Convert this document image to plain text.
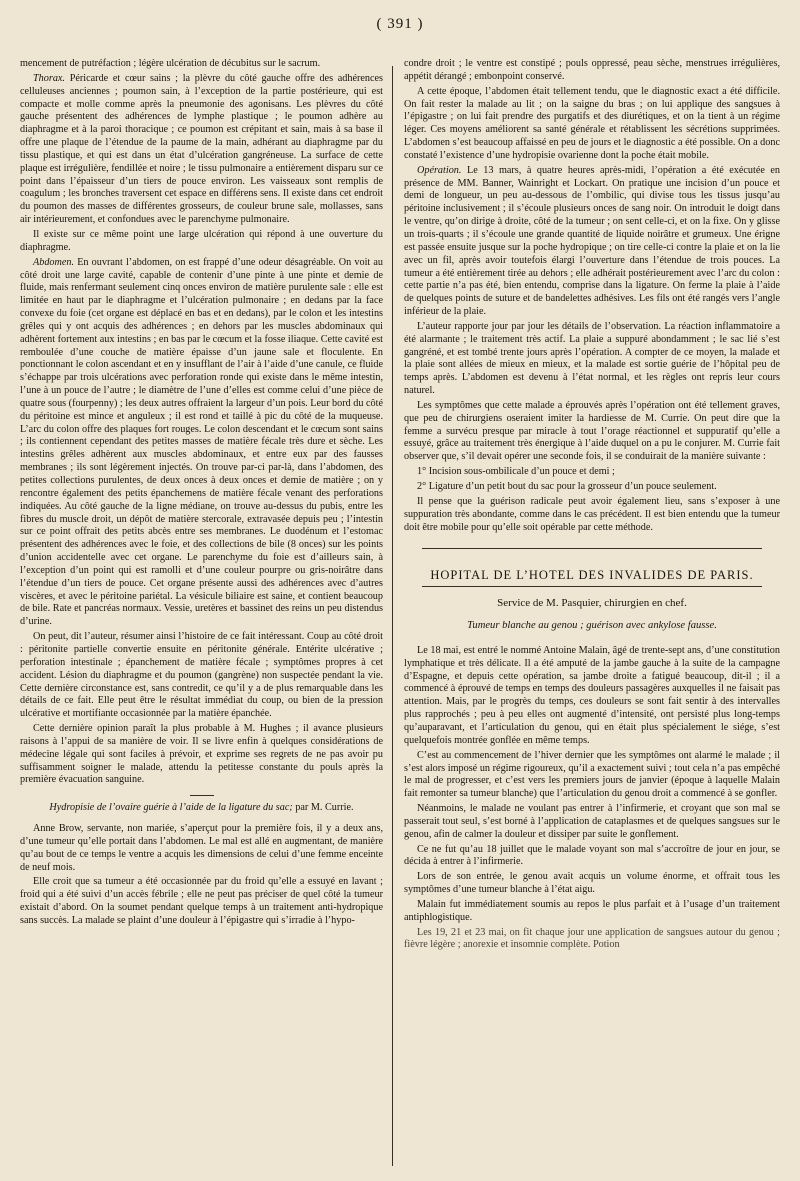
( 391 )

mencement de putréfaction ; légère ulcération de décubitus sur le sacrum.

Thorax. Péricarde et cœur sains ; la plèvre du côté gauche offre des adhérences celluleuses anciennes ; poumon sain, à l’exception de la partie postérieure, qui est compacte et molle comme après la pneumonie des agonisans. Les plèvres du côté gauche présentent des adhérences de lymphe plastique ; le poumon adhère au diaphragme et à la paroi thoracique ; ce poumon est crépitant et sain, mais à sa base il offre une plaque de l’étendue de la paume de la main, adhérant au diaphragme par du tissu plastique, et qui est dans un état d’ulcération gangréneuse. La surface de cette plaque est irrégulière, fendillée et noire ; le tissu pulmonaire a entièrement disparu sur ce point dans l’épaisseur d’un tiers de pouce environ. Les vaisseaux sont remplis de coagulum ; les bronches traversent cet espace en différens sens. Il existe dans cet endroit du poumon des masses de différentes grosseurs, de couleur brune sale, mollasses, sans air intérieurement, et confondues avec le parenchyme pulmonaire.

Il existe sur ce même point une large ulcération qui répond à une ouverture du diaphragme.

Abdomen. En ouvrant l’abdomen, on est frappé d’une odeur désagréable. On voit au côté droit une large cavité, capable de contenir d’une pinte à une pinte et demie de fluide, mais renfermant seulement cinq onces environ de matière purulente sale : elle est limitée en haut par le diaphragme et l’ulcération pulmonaire ; en dedans par la face convexe du foie (cet organe est déplacé en bas et en dedans), par le colon et les intestins grêles qui y ont acquis des adhérences ; en dehors par les muscles abdominaux qui adhèrent fortement aux intestins ; en bas par le cœcum et la fosse iliaque. Cette cavité est remboulée d’une couche de matière épaisse d’un jaune sale et floculente. En ponctionnant le colon ascendant et en y insufflant de l’air à l’aide d’une canule, ce fluide s’échappe par trois ulcérations avec perforation ronde qui existe dans le même intestin, l’une à un pouce de l’autre ; le diamètre de l’une d’elles est comme celui d’une pièce de quatre sous (fourpenny) ; les deux autres offraient la largeur d’un pois. Leur bord du côté du péritoine est mince et anguleux ; il est rond et taillé à pic du côté de la muqueuse. L’arc du colon offre des plaques fort rouges. Le colon descendant et le cœcum sont sains ; ils contiennent cependant des petites masses de matière fécale très dure et sèche. Les intestins grêles adhèrent aux muscles abdominaux, et entre eux par des fausses membranes ; ils sont légèrement injectés. On trouve par-ci par-là, dans l’abdomen, des petites collections purulentes, de deux onces à deux onces et demie de matière ; on y rencontre également des petits épanchemens de matière fécale venant des perforations indiquées. Au côté gauche de la ligne médiane, on trouve au-dessus du pubis, entre les fibres du muscle droit, un dépôt de matière stercorale, extravasée depuis peu ; l’intestin sur ce point offrait des petits abcès entre ses membranes. Le duodénum et l’estomac présentent des adhérences avec le foie, et des collections de bile (8 onces) sur les points d’union accidentelle avec cet organe. Le parenchyme du foie est d’ailleurs sain, à l’exception d’un point qui est ramolli et d’une couleur pourpre ou gris-noirâtre dans l’étendue d’un tiers de pouce. Cet organe présente aussi des adhérences avec d’autres viscères, et avec le péritoine pariétal. La vésicule biliaire est saine, et contient beaucoup de bile. Rate et pancréas normaux. Vessie, uretères et bassinet des reins un peu distendus d’urine.

On peut, dit l’auteur, résumer ainsi l’histoire de ce fait intéressant. Coup au côté droit : péritonite partielle convertie ensuite en péritonite générale. Entérite ulcérative ; perforation intestinale ; épanchement de matière fécale ; symptômes propres à cet accident. Lésion du diaphragme et du poumon (gangrène) non suspectée pendant la vie. Cette dernière circonstance est, sans contredit, ce qu’il y a de plus remarquable dans les détails de ce fait. Elle peut être le résultat immédiat du coup, ou bien de la pression ulcérative et mortifiante occasionnée par la matière épanchée.

Cette dernière opinion paraît la plus probable à M. Hughes ; il avance plusieurs raisons à l’appui de sa manière de voir. Il se livre enfin à quelques considérations de médecine légale qui sont faciles à prévoir, et exprime ses regrets de ne pas avoir pu suffisamment soigner le malade, attendu la petitesse constante du pouls après la première évacuation sanguine.

Hydropisie de l’ovaire guérie à l’aide de la ligature du sac; par M. Currie.

Anne Brow, servante, non mariée, s’aperçut pour la première fois, il y a deux ans, d’une tumeur qu’elle portait dans l’abdomen. Le mal est allé en augmentant, de manière qu’au bout de ce temps le ventre a acquis les dimensions de celui d’une femme enceinte de neuf mois.

Elle croit que sa tumeur a été occasionnée par du froid qu’elle a essuyé en lavant ; froid qui a été suivi d’un accès fébrile ; elle ne peut pas préciser de quel côté la tumeur existait d’abord. On la soumet pendant quelque temps à un traitement anti-hydropique sans succès. La malade se plaint d’une douleur à l’épigastre qui s’irradie à l’hypo-

condre droit ; le ventre est constipé ; pouls oppressé, peau sèche, menstrues irrégulières, appétit dérangé ; embonpoint conservé.

A cette époque, l’abdomen était tellement tendu, que le diagnostic exact a été difficile. On fait rester la malade au lit ; on la saigne du bras ; on lui applique des sangsues à l’épigastre ; on lui fait prendre des purgatifs et des diurétiques, et on la tient à un régime léger. Ces moyens améliorent sa santé générale et rétablissent les sécrétions supprimées. L’abdomen s’est beaucoup affaissé en peu de jours et le diagnostic a été possible. On a donc constaté l’existence d’une hydropisie ovarienne dont la poche était mobile.

Opération. Le 13 mars, à quatre heures après-midi, l’opération a été exécutée en présence de MM. Banner, Wainright et Lockart. On pratique une incision d’un pouce et demi de longueur, un peu au-dessous de l’ombilic, qui divise tous les tissus jusqu’au péritoine inclusivement ; il s’écoule plusieurs onces de sang noir. On introduit le doigt dans le ventre, qu’on dirige à droite, côté de la tumeur ; on sent celle-ci, et on la fixe. On y glisse un trois-quarts ; il s’écoule une grande quantité de liquide noirâtre et grumeux. Une érigne est passée ensuite jusque sur la poche hydropique ; on tire celle-ci contre la plaie et on la lie avec un fil, après avoir toutefois élargi l’ouverture dans l’étendue de trois pouces. La tumeur a été entièrement tirée au dehors ; elle adhérait postérieurement avec l’arc du colon : cette partie n’a pas été, bien entendu, comprise dans la ligature. On ferme la plaie à l’aide de quelques points de suture et de bandelettes adhésives. Les fils ont été rangés vers l’angle inférieur de la plaie.

L’auteur rapporte jour par jour les détails de l’observation. La réaction inflammatoire a été alarmante ; le traitement très actif. La plaie a suppuré abondamment ; le sac lié s’est gangréné, et est tombé trente jours après l’opération. A compter de ce moyen, la malade et la plaie sont allées de mieux en mieux, et la malade est sortie guérie de l’hôpital peu de temps après. L’abdomen est devenu à l’état normal, et les règles ont repris leur cours naturel.

Les symptômes que cette malade a éprouvés après l’opération ont été tellement graves, que peu de chirurgiens oseraient imiter la hardiesse de M. Currie. On peut dire que la femme a survécu presque par miracle à tout l’orage réactionnel et suppuratif qu’elle a essuyé, grâce au traitement très énergique à l’aide duquel on a pu le conjurer. M. Currie fait observer que, s’il devait opérer une seconde fois, il se conduirait de la manière suivante :

1° Incision sous-ombilicale d’un pouce et demi ;

2° Ligature d’un petit bout du sac pour la grosseur d’un pouce seulement.

Il pense que la guérison radicale peut avoir également lieu, sans s’exposer à une suppuration très abondante, comme dans le cas précédent. Il est bien entendu que la tumeur doit être mobile pour qu’elle soit opérable par cette méthode.

HOPITAL DE L’HOTEL DES INVALIDES DE PARIS.
Service de M. Pasquier, chirurgien en chef.
Tumeur blanche au genou ; guérison avec ankylose fausse.

Le 18 mai, est entré le nommé Antoine Malain, âgé de trente-sept ans, d’une constitution lymphatique et très délicate. Il a été amputé de la jambe gauche à la suite de la campagne d’Espagne, et depuis cette opération, sa jambe droite a fatigué beaucoup, dit-il ; il a commencé à éprouvé de temps en temps des douleurs passagères auxquelles il ne faisait pas attention. Mais, par le progrès du temps, ces douleurs se sont fait sentir à des intervalles plus rapprochés ; peu à peu elles ont augmenté d’intensité, ont persisté plus long-temps qu’auparavant, et l’articulation du genou, qui en était plus spécialement le siége, s’est quelquefois montrée gonflée en même temps.

C’est au commencement de l’hiver dernier que les symptômes ont alarmé le malade ; il s’est alors imposé un régime rigoureux, qu’il a exactement suivi ; tout cela n’a pas empêché le mal de progresser, et c’est vers les premiers jours de janvier (époque à laquelle Malain fait remonter sa tumeur blanche) que l’articulation du genou droit a commencé à se gonfler.

Néanmoins, le malade ne voulant pas entrer à l’infirmerie, et croyant que son mal se passerait tout seul, s’est borné à l’application de cataplasmes et de quelques sangsues sur le genou, afin de calmer la douleur et dissiper par suite le gonflement.

Ce ne fut qu’au 18 juillet que le malade voyant son mal s’accroître de jour en jour, se décida à entrer à l’infirmerie.

Lors de son entrée, le genou avait acquis un volume énorme, et offrait tous les symptômes d’une tumeur blanche à l’état aigu.

Malain fut immédiatement soumis au repos le plus parfait et à l’usage d’un traitement antiphlogistique.

Les 19, 21 et 23 mai, on fit chaque jour une application de sangsues autour du genou ; fièvre légère ; anorexie et insomnie complète. Potion
